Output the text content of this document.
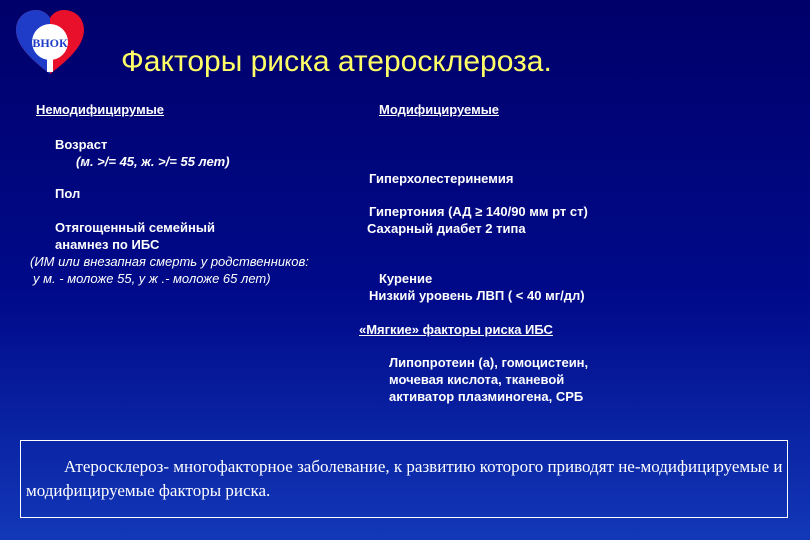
ВНОК
Факторы риска атеросклероза.
Немодифицирумые
Возраст
(м. >/= 45, ж. >/= 55 лет)
Пол
Отягощенный семейный
анамнез по ИБС
(ИМ или внезапная смерть у родственников:
у м. - моложе 55, у ж .- моложе 65 лет)
Модифицируемые
Гиперхолестеринемия
Гипертония (АД ≥ 140/90 мм рт ст)
Сахарный диабет 2 типа
Курение
Низкий уровень ЛВП ( < 40 мг/дл)
«Мягкие» факторы риска ИБС
Липопротеин (а), гомоцистеин,
мочевая кислота, тканевой
активатор плазминогена, СРБ
Атеросклероз- многофакторное заболевание, к развитию которого приводят не-модифицируемые и модифицируемые факторы риска.
